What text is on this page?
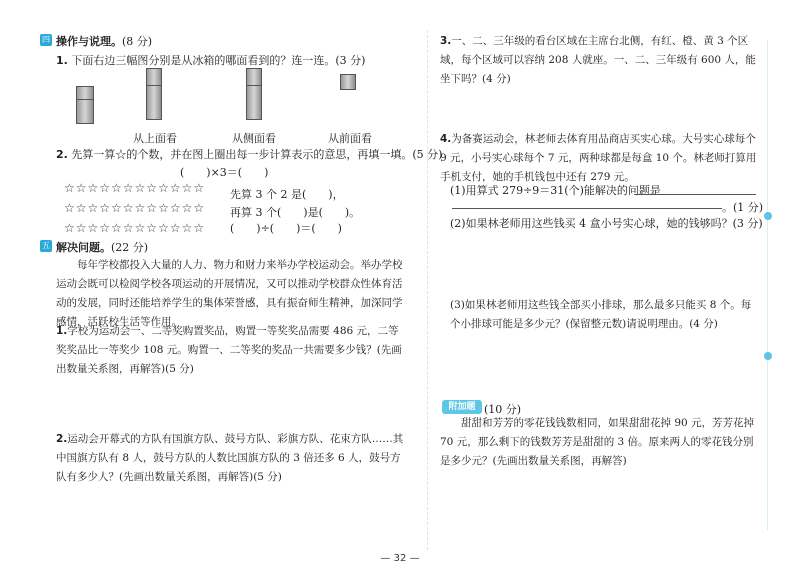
四 操作与说理。(8 分)
1. 下面右边三幅图分别是从冰箱的哪面看到的？连一连。(3 分)
从上面看	从侧面看	从前面看
2. 先算一算☆的个数，并在图上圈出每一步计算表示的意思，再填一填。(5 分)
(　　)×3＝(　　)
☆☆☆☆☆☆☆☆☆☆☆☆
☆☆☆☆☆☆☆☆☆☆☆☆
☆☆☆☆☆☆☆☆☆☆☆☆
先算 3 个 2 是(　　)，
再算 3 个(　　)是(　　)。
(　　)÷(　　)＝(　　)
五 解决问题。(22 分)
每年学校都投入大量的人力、物力和财力来举办学校运动会。举办学校运动会既可以检阅学校各项运动的开展情况，又可以推动学校群众性体育活动的发展，同时还能培养学生的集体荣誉感，具有振奋师生精神，加深同学感情，活跃校生活等作用。
1.学校为运动会一、二等奖购置奖品，购置一等奖奖品需要 486 元，二等奖奖品比一等奖少 108 元。购置一、二等奖的奖品一共需要多少钱？(先画出数量关系图，再解答)(5 分)
2.运动会开幕式的方队有国旗方队、鼓号方队、彩旗方队、花束方队……其中国旗方队有 8 人，鼓号方队的人数比国旗方队的 3 倍还多 6 人，鼓号方队有多少人？(先画出数量关系图，再解答)(5 分)
3.一、二、三年级的看台区域在主席台北侧，有红、橙、黄 3 个区域，每个区域可以容纳 208 人就座。一、二、三年级有 600 人，能坐下吗？(4 分)
4.为备赛运动会，林老师去体育用品商店买实心球。大号实心球每个 9 元，小号实心球每个 7 元，两种球都是每盒 10 个。林老师打算用手机支付，她的手机钱包中还有 279 元。
(1)用算式 279÷9＝31(个)能解决的问题是
。(1 分)
(2)如果林老师用这些钱买 4 盒小号实心球，她的钱够吗？(3 分)
(3)如果林老师用这些钱全部买小排球，那么最多只能买 8 个。每个小排球可能是多少元？(保留整元数)请说明理由。(4 分)
附加题 (10 分)
甜甜和芳芳的零花钱钱数相同，如果甜甜花掉 90 元，芳芳花掉 70 元，那么剩下的钱数芳芳是甜甜的 3 倍。原来两人的零花钱分别是多少元？(先画出数量关系图，再解答)
— 32 —
